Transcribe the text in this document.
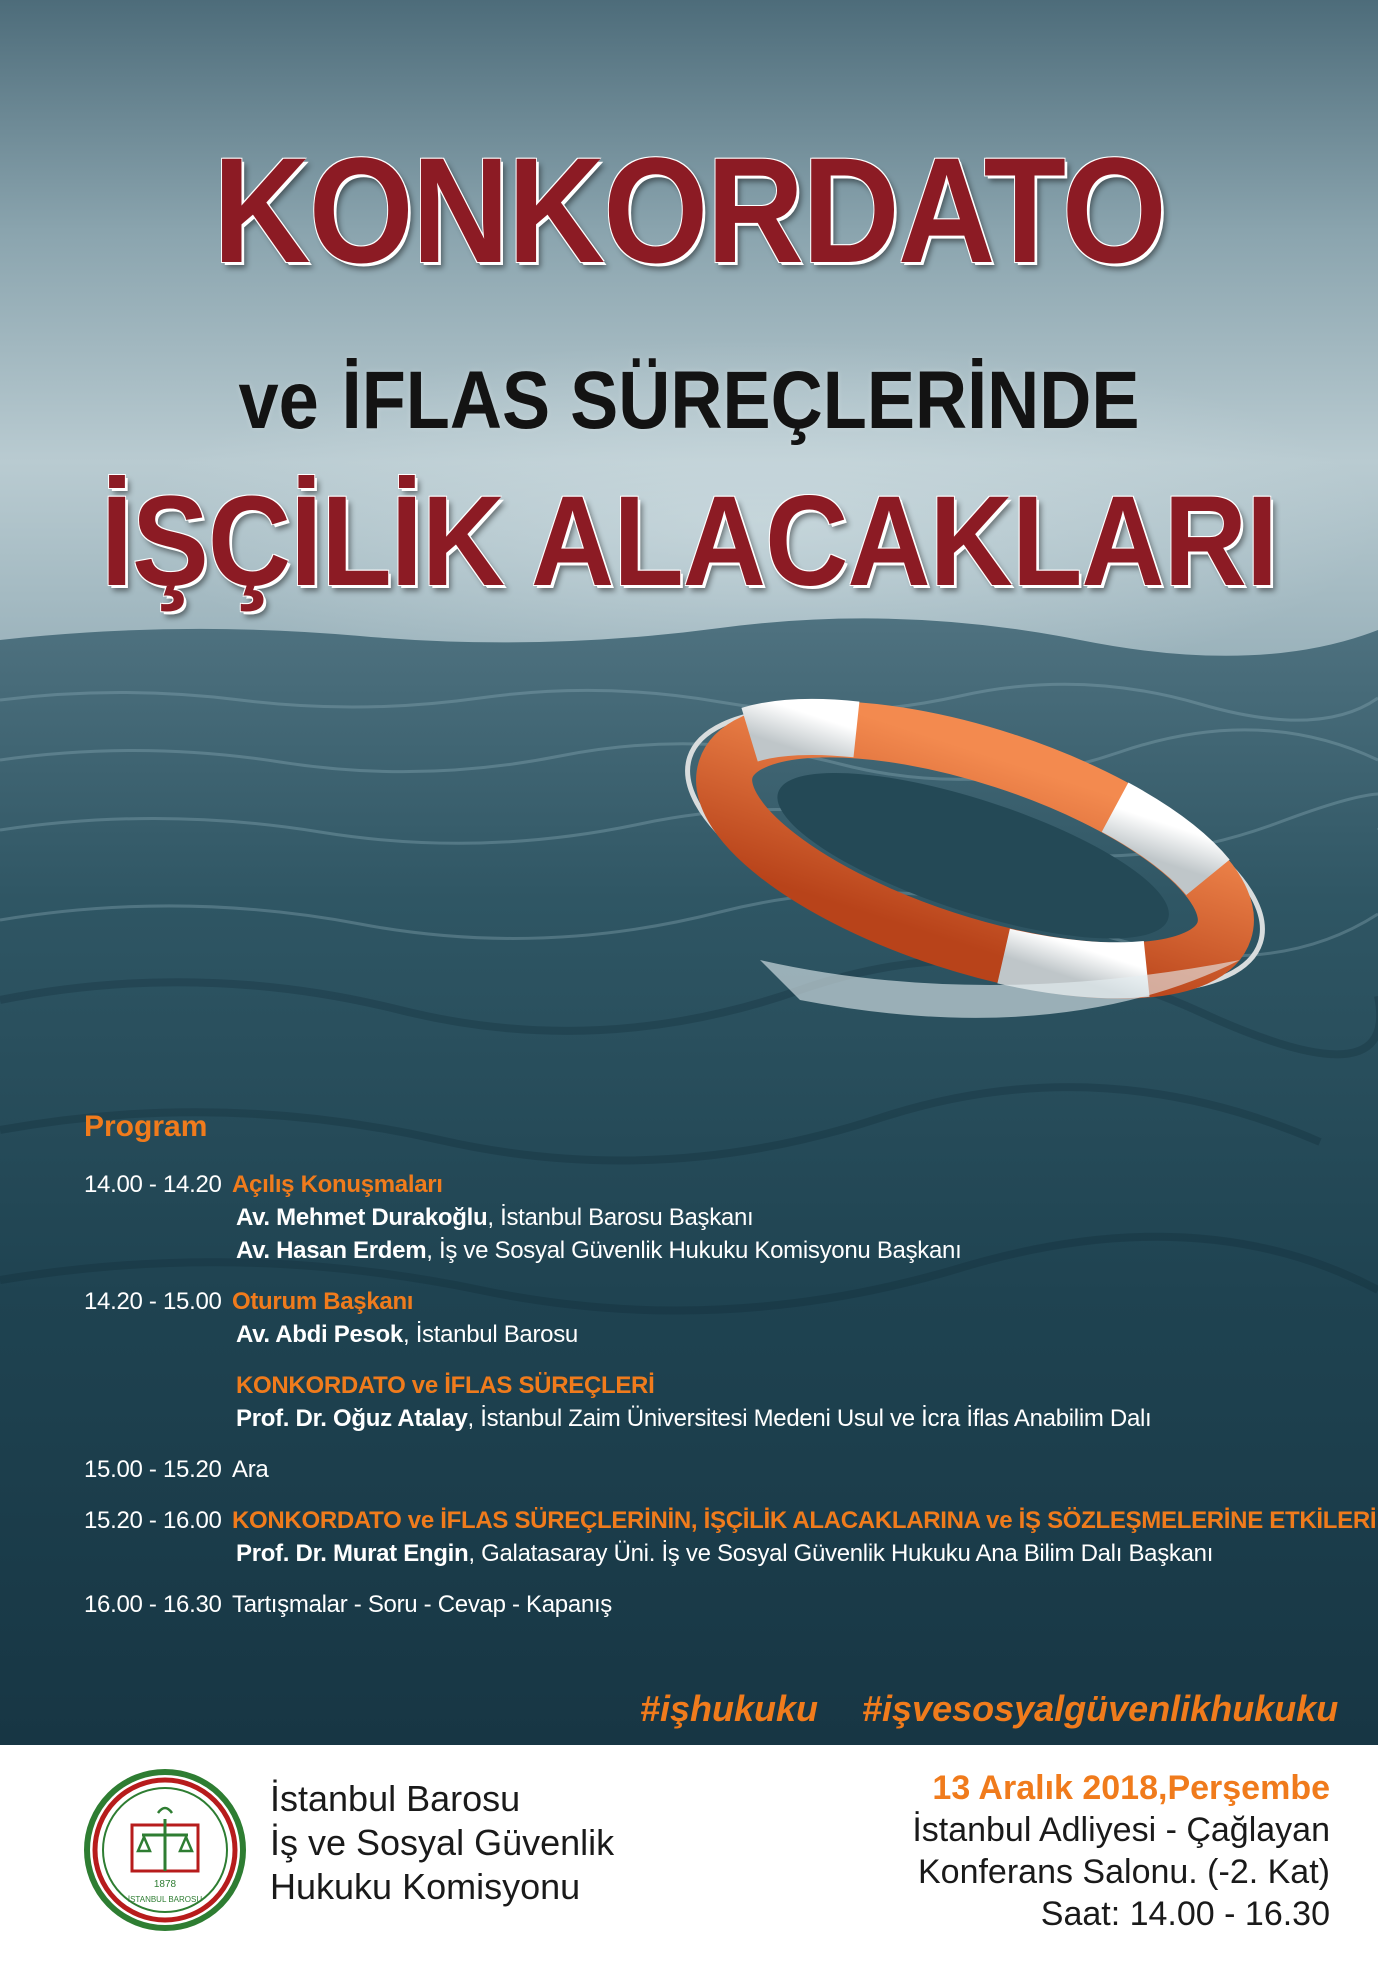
KONKORDATO
ve İFLAS SÜREÇLERİNDE
İŞÇİLİK ALACAKLARI
Program
14.00 - 14.20 Açılış Konuşmaları
Av. Mehmet Durakoğlu, İstanbul Barosu Başkanı
Av. Hasan Erdem, İş ve Sosyal Güvenlik Hukuku Komisyonu Başkanı
14.20 - 15.00 Oturum Başkanı
Av. Abdi Pesok, İstanbul Barosu
KONKORDATO ve İFLAS SÜREÇLERİ
Prof. Dr. Oğuz Atalay, İstanbul Zaim Üniversitesi Medeni Usul ve İcra İflas Anabilim Dalı
15.00 - 15.20 Ara
15.20 - 16.00 KONKORDATO ve İFLAS SÜREÇLERİNİN, İŞÇİLİK ALACAKLARINA ve İŞ SÖZLEŞMELERİNE ETKİLERİ
Prof. Dr. Murat Engin, Galatasaray Üni. İş ve Sosyal Güvenlik Hukuku Ana Bilim Dalı Başkanı
16.00 - 16.30 Tartışmalar - Soru - Cevap - Kapanış
#işhukuku #işvesosyalgüvenlikhukuku
1878
İSTANBUL BAROSU
İstanbul Barosu
İş ve Sosyal Güvenlik
Hukuku Komisyonu
13 Aralık 2018,Perşembe
İstanbul Adliyesi - Çağlayan
Konferans Salonu. (-2. Kat)
Saat: 14.00 - 16.30
